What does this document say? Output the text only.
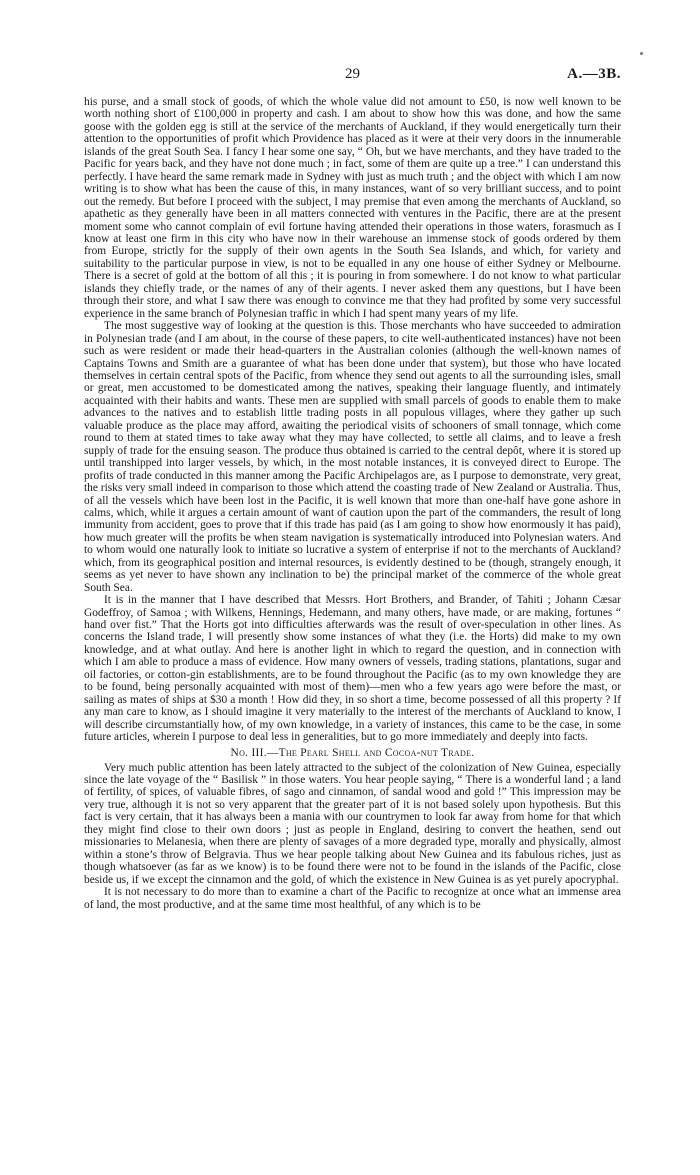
29	A.—3B.

his purse, and a small stock of goods, of which the whole value did not amount to £50, is now well known to be worth nothing short of £100,000 in property and cash. I am about to show how this was done, and how the same goose with the golden egg is still at the service of the merchants of Auckland, if they would energetically turn their attention to the opportunities of profit which Providence has placed as it were at their very doors in the innumerable islands of the great South Sea. I fancy I hear some one say, “ Oh, but we have merchants, and they have traded to the Pacific for years back, and they have not done much ; in fact, some of them are quite up a tree.” I can understand this perfectly. I have heard the same remark made in Sydney with just as much truth ; and the object with which I am now writing is to show what has been the cause of this, in many instances, want of so very brilliant success, and to point out the remedy. But before I proceed with the subject, I may premise that even among the merchants of Auckland, so apathetic as they generally have been in all matters connected with ventures in the Pacific, there are at the present moment some who cannot complain of evil fortune having attended their operations in those waters, forasmuch as I know at least one firm in this city who have now in their warehouse an immense stock of goods ordered by them from Europe, strictly for the supply of their own agents in the South Sea Islands, and which, for variety and suitability to the particular purpose in view, is not to be equalled in any one house of either Sydney or Melbourne. There is a secret of gold at the bottom of all this ; it is pouring in from somewhere. I do not know to what particular islands they chiefly trade, or the names of any of their agents. I never asked them any questions, but I have been through their store, and what I saw there was enough to convince me that they had profited by some very successful experience in the same branch of Polynesian traffic in which I had spent many years of my life.

The most suggestive way of looking at the question is this. Those merchants who have succeeded to admiration in Polynesian trade (and I am about, in the course of these papers, to cite well-authenticated instances) have not been such as were resident or made their head-quarters in the Australian colonies (although the well-known names of Captains Towns and Smith are a guarantee of what has been done under that system), but those who have located themselves in certain central spots of the Pacific, from whence they send out agents to all the surrounding isles, small or great, men accustomed to be domesticated among the natives, speaking their language fluently, and intimately acquainted with their habits and wants. These men are supplied with small parcels of goods to enable them to make advances to the natives and to establish little trading posts in all populous villages, where they gather up such valuable produce as the place may afford, awaiting the periodical visits of schooners of small tonnage, which come round to them at stated times to take away what they may have collected, to settle all claims, and to leave a fresh supply of trade for the ensuing season. The produce thus obtained is carried to the central depôt, where it is stored up until transhipped into larger vessels, by which, in the most notable instances, it is conveyed direct to Europe. The profits of trade conducted in this manner among the Pacific Archipelagos are, as I purpose to demonstrate, very great, the risks very small indeed in comparison to those which attend the coasting trade of New Zealand or Australia. Thus, of all the vessels which have been lost in the Pacific, it is well known that more than one-half have gone ashore in calms, which, while it argues a certain amount of want of caution upon the part of the commanders, the result of long immunity from accident, goes to prove that if this trade has paid (as I am going to show how enormously it has paid), how much greater will the profits be when steam navigation is systematically introduced into Polynesian waters. And to whom would one naturally look to initiate so lucrative a system of enterprise if not to the merchants of Auckland? which, from its geographical position and internal resources, is evidently destined to be (though, strangely enough, it seems as yet never to have shown any inclination to be) the principal market of the commerce of the whole great South Sea.

It is in the manner that I have described that Messrs. Hort Brothers, and Brander, of Tahiti ; Johann Cæsar Godeffroy, of Samoa ; with Wilkens, Hennings, Hedemann, and many others, have made, or are making, fortunes “ hand over fist.” That the Horts got into difficulties afterwards was the result of over-speculation in other lines. As concerns the Island trade, I will presently show some instances of what they (i.e. the Horts) did make to my own knowledge, and at what outlay. And here is another light in which to regard the question, and in connection with which I am able to produce a mass of evidence. How many owners of vessels, trading stations, plantations, sugar and oil factories, or cotton-gin establishments, are to be found throughout the Pacific (as to my own knowledge they are to be found, being personally acquainted with most of them)—men who a few years ago were before the mast, or sailing as mates of ships at $30 a month ! How did they, in so short a time, become possessed of all this property ? If any man care to know, as I should imagine it very materially to the interest of the merchants of Auckland to know, I will describe circumstantially how, of my own knowledge, in a variety of instances, this came to be the case, in some future articles, wherein I purpose to deal less in generalities, but to go more immediately and deeply into facts.

No. III.—The Pearl Shell and Cocoa-nut Trade.

Very much public attention has been lately attracted to the subject of the colonization of New Guinea, especially since the late voyage of the “ Basilisk ” in those waters. You hear people saying, “ There is a wonderful land ; a land of fertility, of spices, of valuable fibres, of sago and cinnamon, of sandal wood and gold !” This impression may be very true, although it is not so very apparent that the greater part of it is not based solely upon hypothesis. But this fact is very certain, that it has always been a mania with our countrymen to look far away from home for that which they might find close to their own doors ; just as people in England, desiring to convert the heathen, send out missionaries to Melanesia, when there are plenty of savages of a more degraded type, morally and physically, almost within a stone’s throw of Belgravia. Thus we hear people talking about New Guinea and its fabulous riches, just as though whatsoever (as far as we know) is to be found there were not to be found in the islands of the Pacific, close beside us, if we except the cinnamon and the gold, of which the existence in New Guinea is as yet purely apocryphal.

It is not necessary to do more than to examine a chart of the Pacific to recognize at once what an immense area of land, the most productive, and at the same time most healthful, of any which is to be
